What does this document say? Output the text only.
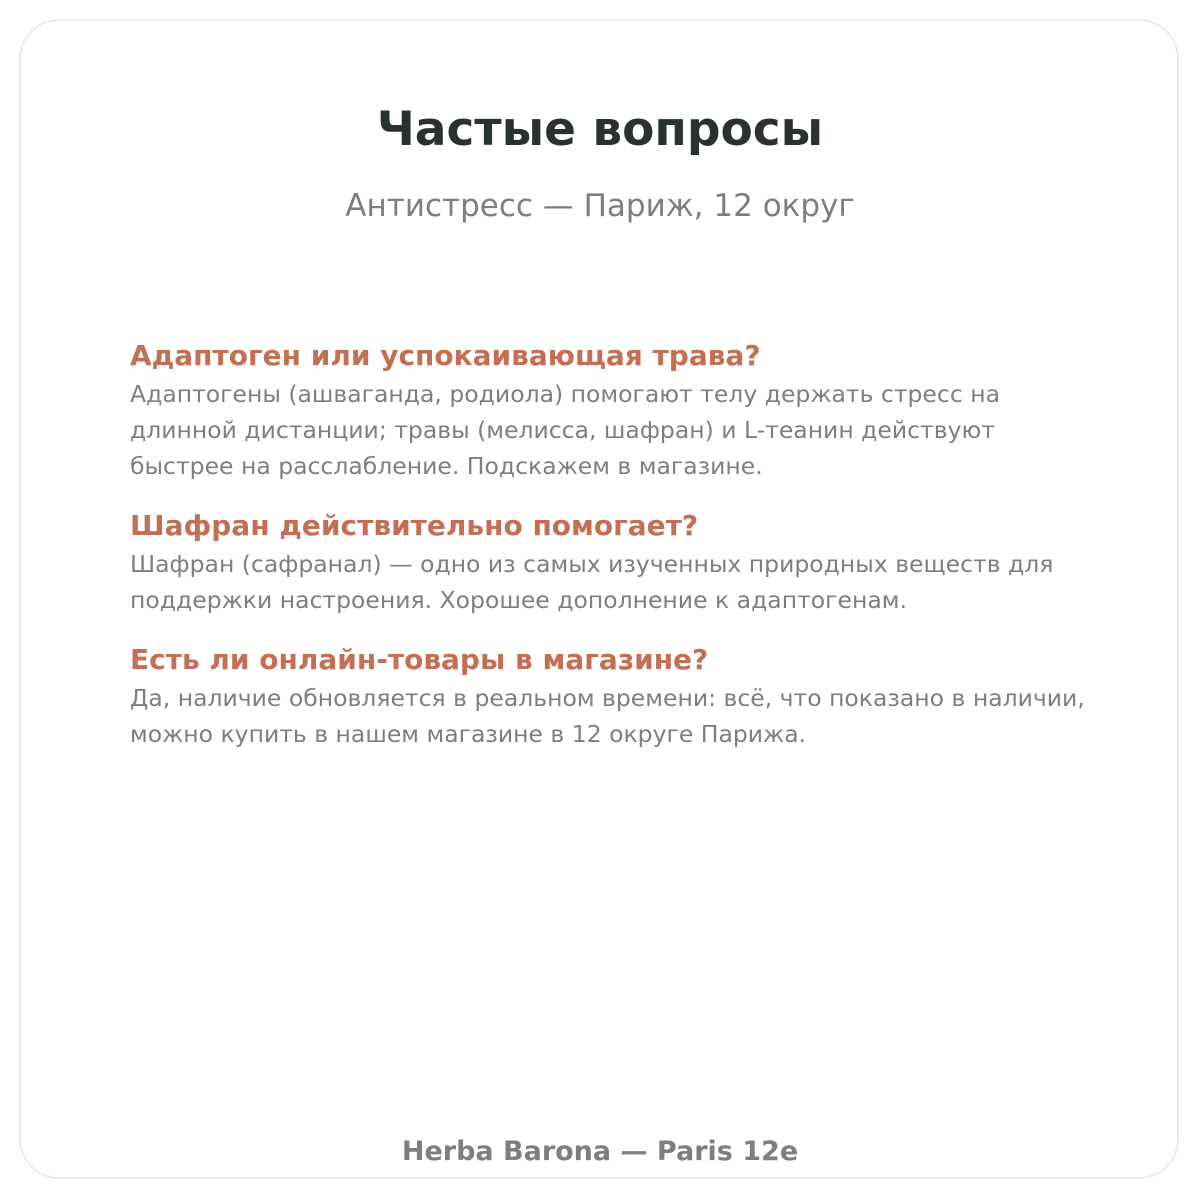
Частые вопросы

Антистресс — Париж, 12 округ

Адаптоген или успокаивающая трава?

Адаптогены (ашваганда, родиола) помогают телу держать стресс на длинной дистанции; травы (мелисса, шафран) и L-теанин действуют быстрее на расслабление. Подскажем в магазине.

Шафран действительно помогает?

Шафран (сафранал) — одно из самых изученных природных веществ для поддержки настроения. Хорошее дополнение к адаптогенам.

Есть ли онлайн-товары в магазине?

Да, наличие обновляется в реальном времени: всё, что показано в наличии, можно купить в нашем магазине в 12 округе Парижа.

Herba Barona — Paris 12e
